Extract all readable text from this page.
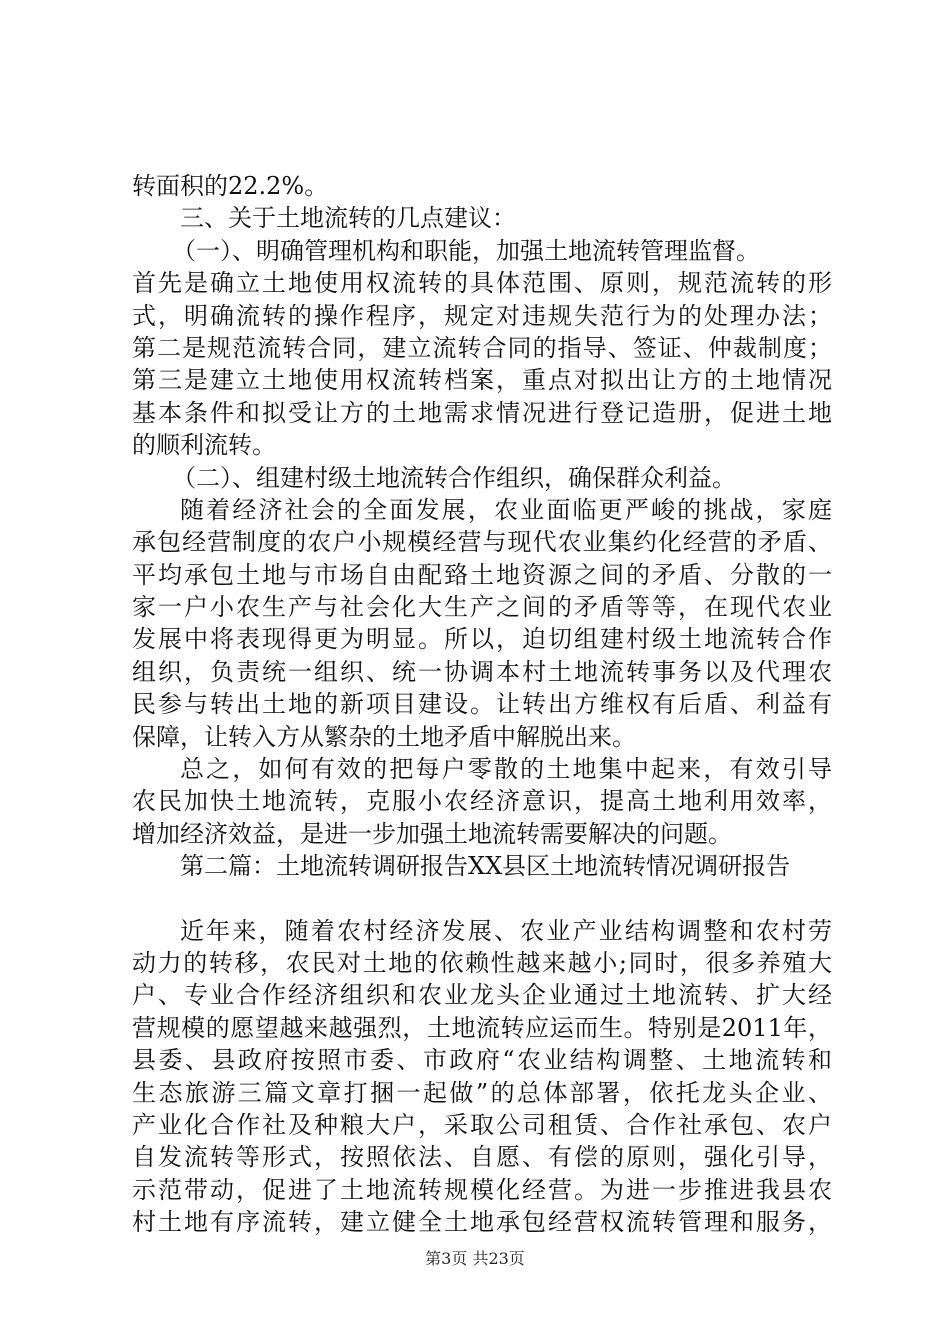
转面积的22.2%。
三、关于土地流转的几点建议：
（一）、明确管理机构和职能，加强土地流转管理监督。
首先是确立土地使用权流转的具体范围、原则，规范流转的形
式，明确流转的操作程序，规定对违规失范行为的处理办法；
第二是规范流转合同，建立流转合同的指导、签证、仲裁制度；
第三是建立土地使用权流转档案，重点对拟出让方的土地情况
基本条件和拟受让方的土地需求情况进行登记造册，促进土地
的顺利流转。
（二）、组建村级土地流转合作组织，确保群众利益。
随着经济社会的全面发展，农业面临更严峻的挑战，家庭
承包经营制度的农户小规模经营与现代农业集约化经营的矛盾、
平均承包土地与市场自由配臵土地资源之间的矛盾、分散的一
家一户小农生产与社会化大生产之间的矛盾等等，在现代农业
发展中将表现得更为明显。所以，迫切组建村级土地流转合作
组织，负责统一组织、统一协调本村土地流转事务以及代理农
民参与转出土地的新项目建设。让转出方维权有后盾、利益有
保障，让转入方从繁杂的土地矛盾中解脱出来。
总之，如何有效的把每户零散的土地集中起来，有效引导
农民加快土地流转，克服小农经济意识，提高土地利用效率，
增加经济效益，是进一步加强土地流转需要解决的问题。
第二篇：土地流转调研报告XX县区土地流转情况调研报告
近年来，随着农村经济发展、农业产业结构调整和农村劳
动力的转移，农民对土地的依赖性越来越小;同时，很多养殖大
户、专业合作经济组织和农业龙头企业通过土地流转、扩大经
营规模的愿望越来越强烈，土地流转应运而生。特别是2011年，
县委、县政府按照市委、市政府“农业结构调整、土地流转和
生态旅游三篇文章打捆一起做”的总体部署，依托龙头企业、
产业化合作社及种粮大户，采取公司租赁、合作社承包、农户
自发流转等形式，按照依法、自愿、有偿的原则，强化引导，
示范带动，促进了土地流转规模化经营。为进一步推进我县农
村土地有序流转，建立健全土地承包经营权流转管理和服务，
第3页 共23页
